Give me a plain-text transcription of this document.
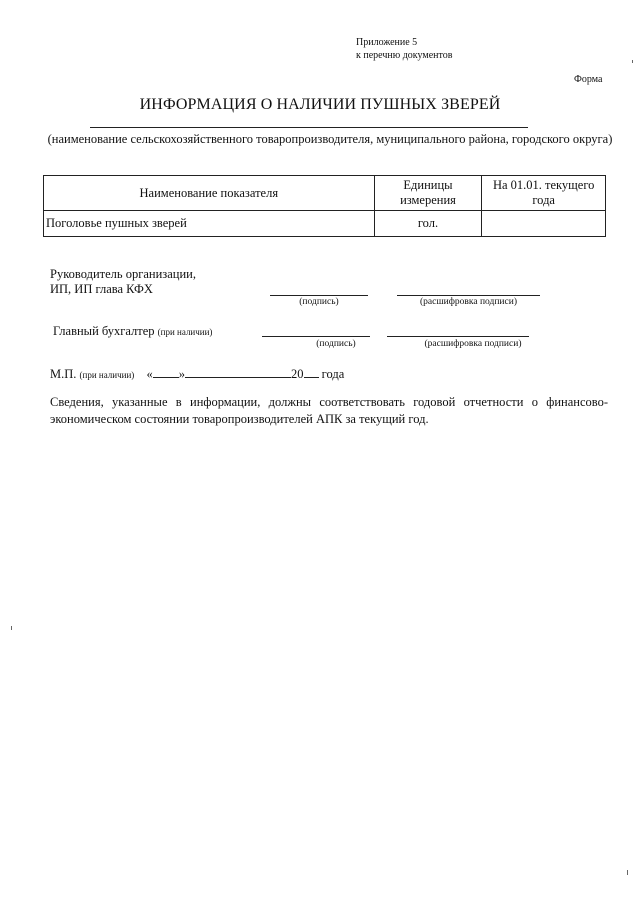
Приложение 5
к перечню документов
Форма
ИНФОРМАЦИЯ О НАЛИЧИИ ПУШНЫХ ЗВЕРЕЙ
(наименование сельскохозяйственного товаропроизводителя, муниципального района, городского округа)
Наименование показателя	Единицы измерения	На 01.01. текущего года
Поголовье пушных зверей	гол.	
Руководитель организации,
ИП, ИП глава КФХ
(подпись)	(расшифровка подписи)
Главный бухгалтер (при наличии)
(подпись)	(расшифровка подписи)
М.П. (при наличии) « »	20 года
Сведения, указанные в информации, должны соответствовать годовой отчетности о финансово-экономическом состоянии товаропроизводителей АПК за текущий год.
